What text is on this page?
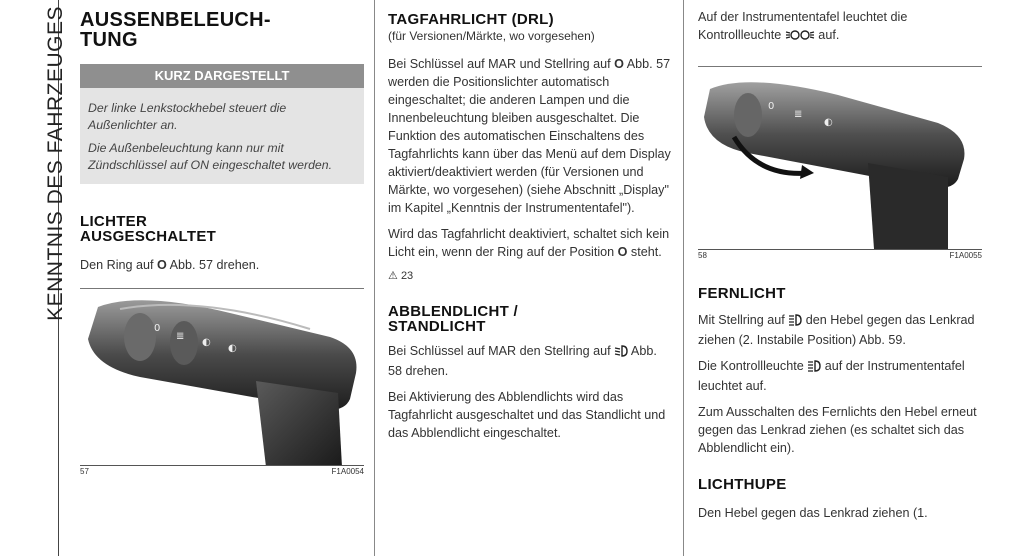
KENNTNIS DES FAHRZEUGES AUSSENBELEUCH-
TUNG
KURZ DARGESTELLT

Der linke Lenkstockhebel steuert die Außenlichter an.

Die Außenbeleuchtung kann nur mit Zündschlüssel auf ON eingeschaltet werden.

LICHTER
AUSGESCHALTET

Den Ring auf O Abb. 57 drehen.

0
≣
◐
◐
57	F1A0054
TAGFAHRLICHT (DRL)
(für Versionen/Märkte, wo vorgesehen)

Bei Schlüssel auf MAR und Stellring auf O Abb. 57 werden die Positionslichter automatisch eingeschaltet; die anderen Lampen und die Innenbeleuchtung bleiben ausgeschaltet. Die Funktion des automatischen Einschaltens des Tagfahrlichts kann über das Menü auf dem Display aktiviert/deaktiviert werden (für Versionen und Märkte, wo vorgesehen) (siehe Abschnitt „Display" im Kapitel „Kenntnis der Instrumententafel").

Wird das Tagfahrlicht deaktiviert, schaltet sich kein Licht ein, wenn der Ring auf der Position O steht.

⚠ 23
ABBLENDLICHT /
STANDLICHT

Bei Schlüssel auf MAR den Stellring auf  Abb. 58 drehen.

Bei Aktivierung des Abblendlichts wird das Tagfahrlicht ausgeschaltet und das Standlicht und das Abblendlicht eingeschaltet.

Auf der Instrumententafel leuchtet die Kontrollleuchte  auf.

0
≣
◐
58	F1A0055
FERNLICHT

Mit Stellring auf  den Hebel gegen das Lenkrad ziehen (2. Instabile Position) Abb. 59.

Die Kontrollleuchte  auf der Instrumententafel leuchtet auf.

Zum Ausschalten des Fernlichts den Hebel erneut gegen das Lenkrad ziehen (es schaltet sich das Abblendlicht ein).

LICHTHUPE

Den Hebel gegen das Lenkrad ziehen (1.
